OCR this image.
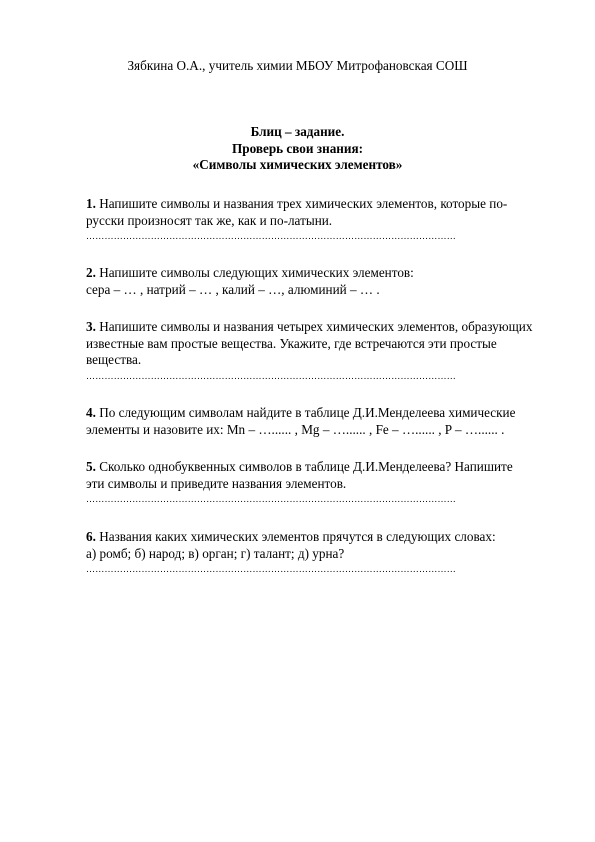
Зябкина О.А., учитель химии МБОУ Митрофановская СОШ
Блиц – задание.
Проверь свои знания:
«Символы химических элементов»
1. Напишите символы и названия трех химических элементов, которые по-
русски произносят так же, как и по-латыни.
…………………………………………………………………………………………………………
2. Напишите символы следующих химических элементов:
сера – … , натрий – … , калий – …, алюминий – … .
3. Напишите символы и названия четырех химических элементов, образующих
известные вам простые вещества. Укажите, где встречаются эти простые
вещества.
…………………………………………………………………………………………………………
4. По следующим символам найдите в таблице Д.И.Менделеева химические
элементы и назовите их: Mn – …...... , Mg – …...... , Fe – …...... , P – …...... .
5. Сколько однобуквенных символов в таблице Д.И.Менделеева? Напишите
эти символы и приведите названия элементов.
…………………………………………………………………………………………………………
6. Названия каких химических элементов прячутся в следующих словах:
а) ромб; б) народ; в) орган; г) талант; д) урна?
…………………………………………………………………………………………………………
